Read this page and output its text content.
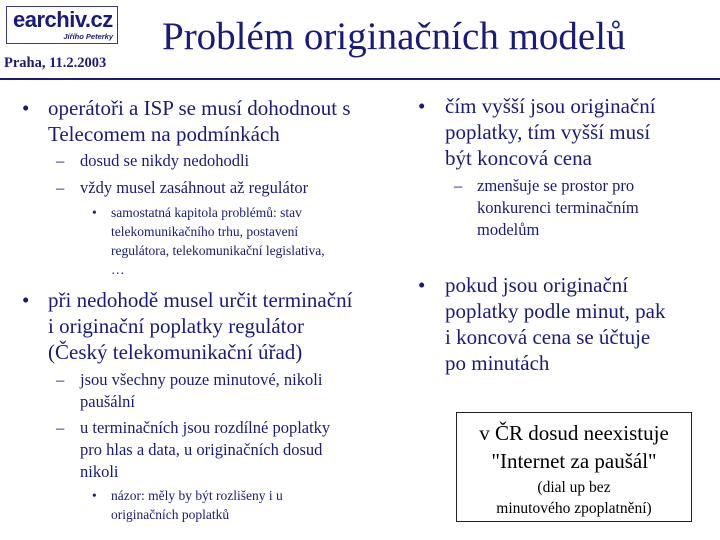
earchiv.cz
Jiřího Peterky
Praha, 11.2.2003
Problém originačních modelů
• operátoři a ISP se musí dohodnout s
Telecomem na podmínkách
– dosud se nikdy nedohodli
– vždy musel zasáhnout až regulátor
• samostatná kapitola problémů: stav
telekomunikačního trhu, postavení
regulátora, telekomunikační legislativa,
…
• při nedohodě musel určit terminační
i originační poplatky regulátor
(Český telekomunikační úřad)
– jsou všechny pouze minutové, nikoli
paušální
– u terminačních jsou rozdílné poplatky
pro hlas a data, u originačních dosud
nikoli
• názor: měly by být rozlišeny i u
originačních poplatků
• čím vyšší jsou originační
poplatky, tím vyšší musí
být koncová cena
– zmenšuje se prostor pro
konkurenci terminačním
modelům
• pokud jsou originační
poplatky podle minut, pak
i koncová cena se účtuje
po minutách
v ČR dosud neexistuje
"Internet za paušál"
(dial up bez
minutového zpoplatnění)
